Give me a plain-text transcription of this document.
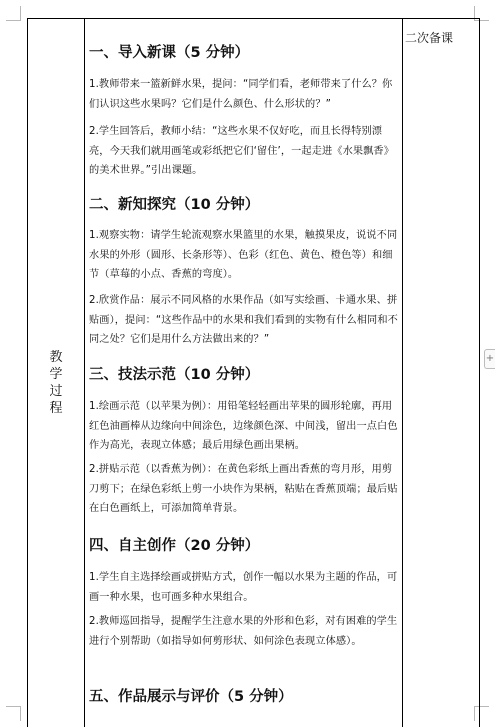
教
学
过
程
一、导入新课（5 分钟）
1.教师带来一篮新鲜水果，提问：“同学们看，老师带来了什么？你们认识这些水果吗？它们是什么颜色、什么形状的？”
2.学生回答后，教师小结：“这些水果不仅好吃，而且长得特别漂亮，今天我们就用画笔或彩纸把它们‘留住’，一起走进《水果飘香》的美术世界。”引出课题。
二、新知探究（10 分钟）
1.观察实物：请学生轮流观察水果篮里的水果，触摸果皮，说说不同水果的外形（圆形、长条形等）、色彩（红色、黄色、橙色等）和细节（草莓的小点、香蕉的弯度）。
2.欣赏作品：展示不同风格的水果作品（如写实绘画、卡通水果、拼贴画），提问：“这些作品中的水果和我们看到的实物有什么相同和不同之处？它们是用什么方法做出来的？”
三、技法示范（10 分钟）
1.绘画示范（以苹果为例）：用铅笔轻轻画出苹果的圆形轮廓，再用红色油画棒从边缘向中间涂色，边缘颜色深、中间浅，留出一点白色作为高光，表现立体感；最后用绿色画出果柄。
2.拼贴示范（以香蕉为例）：在黄色彩纸上画出香蕉的弯月形，用剪刀剪下；在绿色彩纸上剪一小块作为果柄，粘贴在香蕉顶端；最后贴在白色画纸上，可添加简单背景。
四、自主创作（20 分钟）
1.学生自主选择绘画或拼贴方式，创作一幅以水果为主题的作品，可画一种水果，也可画多种水果组合。
2.教师巡回指导，提醒学生注意水果的外形和色彩，对有困难的学生进行个别帮助（如指导如何剪形状、如何涂色表现立体感）。
五、作品展示与评价（5 分钟）
二次备课
+
